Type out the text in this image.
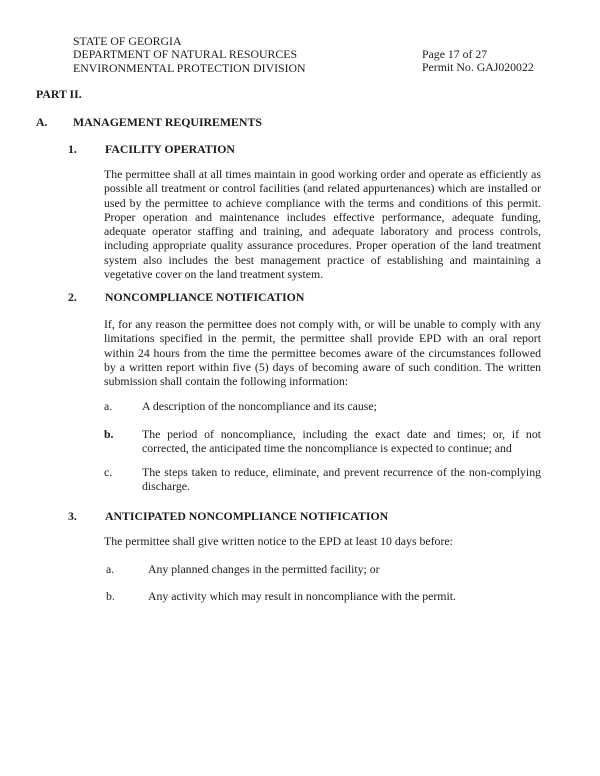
STATE OF GEORGIA
DEPARTMENT OF NATURAL RESOURCES
ENVIRONMENTAL PROTECTION DIVISION
Page 17 of 27
Permit No. GAJ020022
PART II.
A. MANAGEMENT REQUIREMENTS
1. FACILITY OPERATION
The permittee shall at all times maintain in good working order and operate as efficiently as possible all treatment or control facilities (and related appurtenances) which are installed or used by the permittee to achieve compliance with the terms and conditions of this permit. Proper operation and maintenance includes effective performance, adequate funding, adequate operator staffing and training, and adequate laboratory and process controls, including appropriate quality assurance procedures. Proper operation of the land treatment system also includes the best management practice of establishing and maintaining a vegetative cover on the land treatment system.
2. NONCOMPLIANCE NOTIFICATION
If, for any reason the permittee does not comply with, or will be unable to comply with any limitations specified in the permit, the permittee shall provide EPD with an oral report within 24 hours from the time the permittee becomes aware of the circumstances followed by a written report within five (5) days of becoming aware of such condition. The written submission shall contain the following information:
a.	A description of the noncompliance and its cause;
b. The period of noncompliance, including the exact date and times; or, if not corrected, the anticipated time the noncompliance is expected to continue; and
c.	The steps taken to reduce, eliminate, and prevent recurrence of the non-complying discharge.
3. ANTICIPATED NONCOMPLIANCE NOTIFICATION
The permittee shall give written notice to the EPD at least 10 days before:
a.	Any planned changes in the permitted facility; or
b.	Any activity which may result in noncompliance with the permit.
